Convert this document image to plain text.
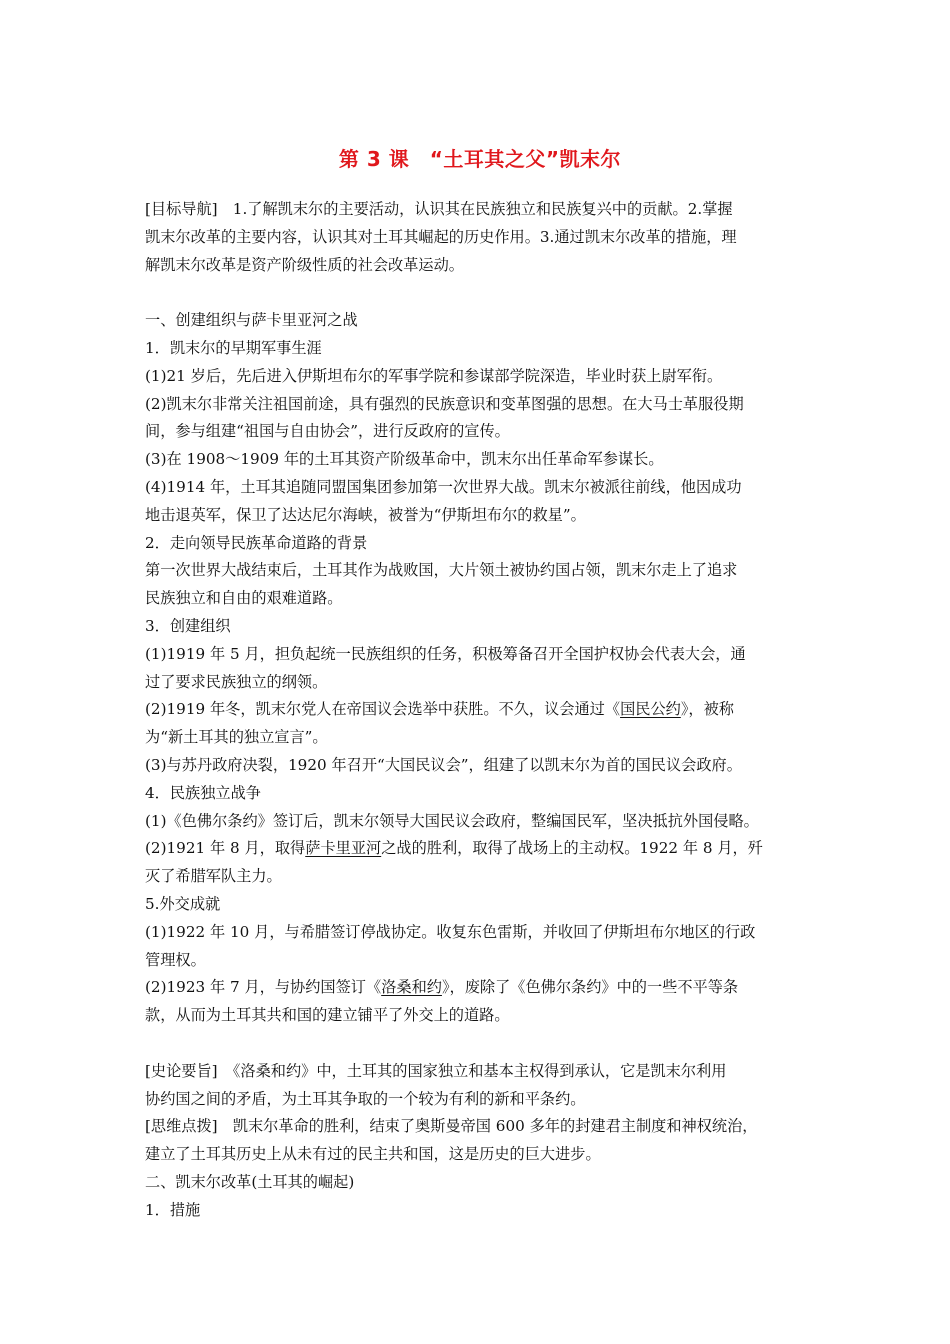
第 3 课　“土耳其之父”凯末尔
[目标导航]　1.了解凯末尔的主要活动，认识其在民族独立和民族复兴中的贡献。2.掌握
凯末尔改革的主要内容，认识其对土耳其崛起的历史作用。3.通过凯末尔改革的措施，理
解凯末尔改革是资产阶级性质的社会改革运动。
一、创建组织与萨卡里亚河之战
1．凯末尔的早期军事生涯
(1)21 岁后，先后进入伊斯坦布尔的军事学院和参谋部学院深造，毕业时获上尉军衔。
(2)凯末尔非常关注祖国前途，具有强烈的民族意识和变革图强的思想。在大马士革服役期
间，参与组建“祖国与自由协会”，进行反政府的宣传。
(3)在 1908～1909 年的土耳其资产阶级革命中，凯末尔出任革命军参谋长。
(4)1914 年，土耳其追随同盟国集团参加第一次世界大战。凯末尔被派往前线，他因成功
地击退英军，保卫了达达尼尔海峡，被誉为“伊斯坦布尔的救星”。
2．走向领导民族革命道路的背景
第一次世界大战结束后，土耳其作为战败国，大片领土被协约国占领，凯末尔走上了追求
民族独立和自由的艰难道路。
3．创建组织
(1)1919 年 5 月，担负起统一民族组织的任务，积极筹备召开全国护权协会代表大会，通
过了要求民族独立的纲领。
(2)1919 年冬，凯末尔党人在帝国议会选举中获胜。不久，议会通过《国民公约》，被称
为“新土耳其的独立宣言”。
(3)与苏丹政府决裂，1920 年召开“大国民议会”，组建了以凯末尔为首的国民议会政府。
4．民族独立战争
(1)《色佛尔条约》签订后，凯末尔领导大国民议会政府，整编国民军，坚决抵抗外国侵略。
(2)1921 年 8 月，取得萨卡里亚河之战的胜利，取得了战场上的主动权。1922 年 8 月，歼
灭了希腊军队主力。
5.外交成就
(1)1922 年 10 月，与希腊签订停战协定。收复东色雷斯，并收回了伊斯坦布尔地区的行政
管理权。
(2)1923 年 7 月，与协约国签订《洛桑和约》，废除了《色佛尔条约》中的一些不平等条
款，从而为土耳其共和国的建立铺平了外交上的道路。
[史论要旨]　《洛桑和约》中，土耳其的国家独立和基本主权得到承认，它是凯末尔利用
协约国之间的矛盾，为土耳其争取的一个较为有利的新和平条约。
[思维点拨]　凯末尔革命的胜利，结束了奥斯曼帝国 600 多年的封建君主制度和神权统治，
建立了土耳其历史上从未有过的民主共和国，这是历史的巨大进步。
二、凯末尔改革(土耳其的崛起)
1．措施
